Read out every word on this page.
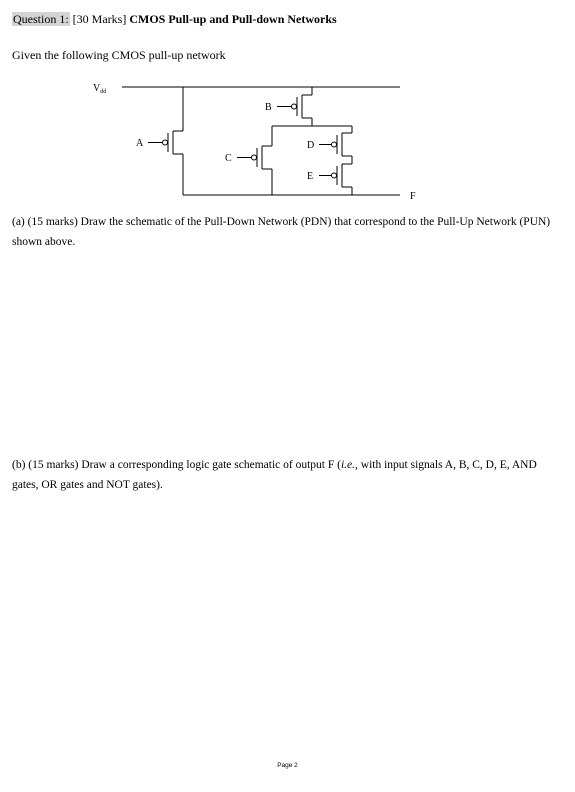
Question 1: [30 Marks] CMOS Pull-up and Pull-down Networks
Given the following CMOS pull-up network
$V_{dd}$
A
B
C
D
E
F
(a) (15 marks) Draw the schematic of the Pull-Down Network (PDN) that correspond to the Pull-Up Network (PUN) shown above.
(b) (15 marks) Draw a corresponding logic gate schematic of output F (i.e., with input signals A, B, C, D, E, AND gates, OR gates and NOT gates).
Page 2
